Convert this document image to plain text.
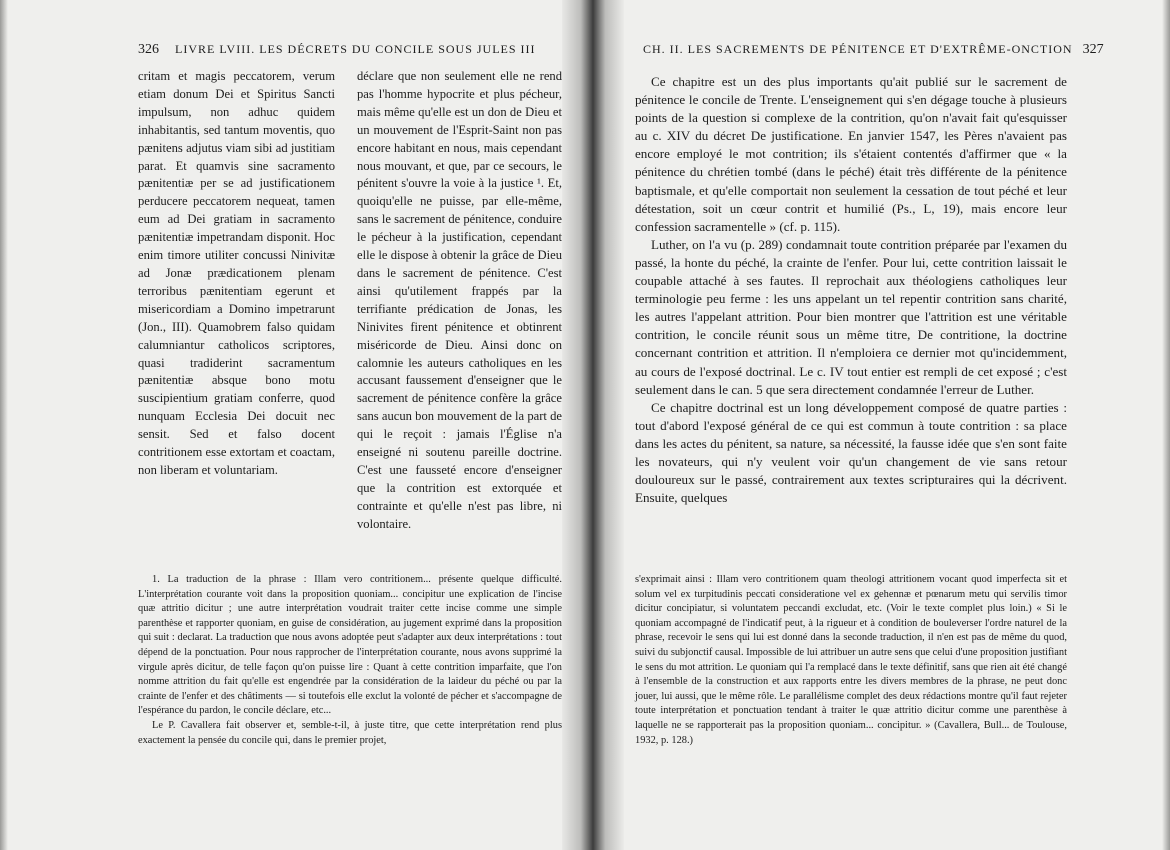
326 LIVRE LVIII. LES DÉCRETS DU CONCILE SOUS JULES III

critam et magis peccatorem, verum etiam donum Dei et Spiritus Sancti impulsum, non adhuc quidem inhabitantis, sed tantum moventis, quo pænitens adjutus viam sibi ad justitiam parat. Et quamvis sine sacramento pænitentiæ per se ad justificationem perducere peccatorem nequeat, tamen eum ad Dei gratiam in sacramento pænitentiæ impetrandam disponit. Hoc enim timore utiliter concussi Ninivitæ ad Jonæ prædicationem plenam terroribus pænitentiam egerunt et misericordiam a Domino impetrarunt (Jon., III). Quamobrem falso quidam calumniantur catholicos scriptores, quasi tradiderint sacramentum pænitentiæ absque bono motu suscipientium gratiam conferre, quod nunquam Ecclesia Dei docuit nec sensit. Sed et falso docent contritionem esse extortam et coactam, non liberam et voluntariam.

déclare que non seulement elle ne rend pas l'homme hypocrite et plus pécheur, mais même qu'elle est un don de Dieu et un mouvement de l'Esprit-Saint non pas encore habitant en nous, mais cependant nous mouvant, et que, par ce secours, le pénitent s'ouvre la voie à la justice ¹. Et, quoiqu'elle ne puisse, par elle-même, sans le sacrement de pénitence, conduire le pécheur à la justification, cependant elle le dispose à obtenir la grâce de Dieu dans le sacrement de pénitence. C'est ainsi qu'utilement frappés par la terrifiante prédication de Jonas, les Ninivites firent pénitence et obtinrent miséricorde de Dieu. Ainsi donc on calomnie les auteurs catholiques en les accusant faussement d'enseigner que le sacrement de pénitence confère la grâce sans aucun bon mouvement de la part de qui le reçoit : jamais l'Église n'a enseigné ni soutenu pareille doctrine. C'est une fausseté encore d'enseigner que la contrition est extorquée et contrainte et qu'elle n'est pas libre, ni volontaire.

1. La traduction de la phrase : Illam vero contritionem... présente quelque difficulté. L'interprétation courante voit dans la proposition quoniam... concipitur une explication de l'incise quæ attritio dicitur ; une autre interprétation voudrait traiter cette incise comme une simple parenthèse et rapporter quoniam, en guise de considération, au jugement exprimé dans la proposition qui suit : declarat. La traduction que nous avons adoptée peut s'adapter aux deux interprétations : tout dépend de la ponctuation. Pour nous rapprocher de l'interprétation courante, nous avons supprimé la virgule après dicitur, de telle façon qu'on puisse lire : Quant à cette contrition imparfaite, que l'on nomme attrition du fait qu'elle est engendrée par la considération de la laideur du péché ou par la crainte de l'enfer et des châtiments — si toutefois elle exclut la volonté de pécher et s'accompagne de l'espérance du pardon, le concile déclare, etc...

Le P. Cavallera fait observer et, semble-t-il, à juste titre, que cette interprétation rend plus exactement la pensée du concile qui, dans le premier projet,

CH. II. LES SACREMENTS DE PÉNITENCE ET D'EXTRÊME-ONCTION 327

Ce chapitre est un des plus importants qu'ait publié sur le sacrement de pénitence le concile de Trente. L'enseignement qui s'en dégage touche à plusieurs points de la question si complexe de la contrition, qu'on n'avait fait qu'esquisser au c. XIV du décret De justificatione. En janvier 1547, les Pères n'avaient pas encore employé le mot contrition; ils s'étaient contentés d'affirmer que « la pénitence du chrétien tombé (dans le péché) était très différente de la pénitence baptismale, et qu'elle comportait non seulement la cessation de tout péché et leur détestation, soit un cœur contrit et humilié (Ps., L, 19), mais encore leur confession sacramentelle » (cf. p. 115).

Luther, on l'a vu (p. 289) condamnait toute contrition préparée par l'examen du passé, la honte du péché, la crainte de l'enfer. Pour lui, cette contrition laissait le coupable attaché à ses fautes. Il reprochait aux théologiens catholiques leur terminologie peu ferme : les uns appelant un tel repentir contrition sans charité, les autres l'appelant attrition. Pour bien montrer que l'attrition est une véritable contrition, le concile réunit sous un même titre, De contritione, la doctrine concernant contrition et attrition. Il n'emploiera ce dernier mot qu'incidemment, au cours de l'exposé doctrinal. Le c. IV tout entier est rempli de cet exposé ; c'est seulement dans le can. 5 que sera directement condamnée l'erreur de Luther.

Ce chapitre doctrinal est un long développement composé de quatre parties : tout d'abord l'exposé général de ce qui est commun à toute contrition : sa place dans les actes du pénitent, sa nature, sa nécessité, la fausse idée que s'en sont faite les novateurs, qui n'y veulent voir qu'un changement de vie sans retour douloureux sur le passé, contrairement aux textes scripturaires qui la décrivent. Ensuite, quelques

s'exprimait ainsi : Illam vero contritionem quam theologi attritionem vocant quod imperfecta sit et solum vel ex turpitudinis peccati consideratione vel ex gehennæ et pœnarum metu qui servilis timor dicitur concipiatur, si voluntatem peccandi excludat, etc. (Voir le texte complet plus loin.) « Si le quoniam accompagné de l'indicatif peut, à la rigueur et à condition de bouleverser l'ordre naturel de la phrase, recevoir le sens qui lui est donné dans la seconde traduction, il n'en est pas de même du quod, suivi du subjonctif causal. Impossible de lui attribuer un autre sens que celui d'une proposition justifiant le sens du mot attrition. Le quoniam qui l'a remplacé dans le texte définitif, sans que rien ait été changé à l'ensemble de la construction et aux rapports entre les divers membres de la phrase, ne peut donc jouer, lui aussi, que le même rôle. Le parallélisme complet des deux rédactions montre qu'il faut rejeter toute interprétation et ponctuation tendant à traiter le quæ attritio dicitur comme une parenthèse à laquelle ne se rapporterait pas la proposition quoniam... concipitur. » (Cavallera, Bull... de Toulouse, 1932, p. 128.)
